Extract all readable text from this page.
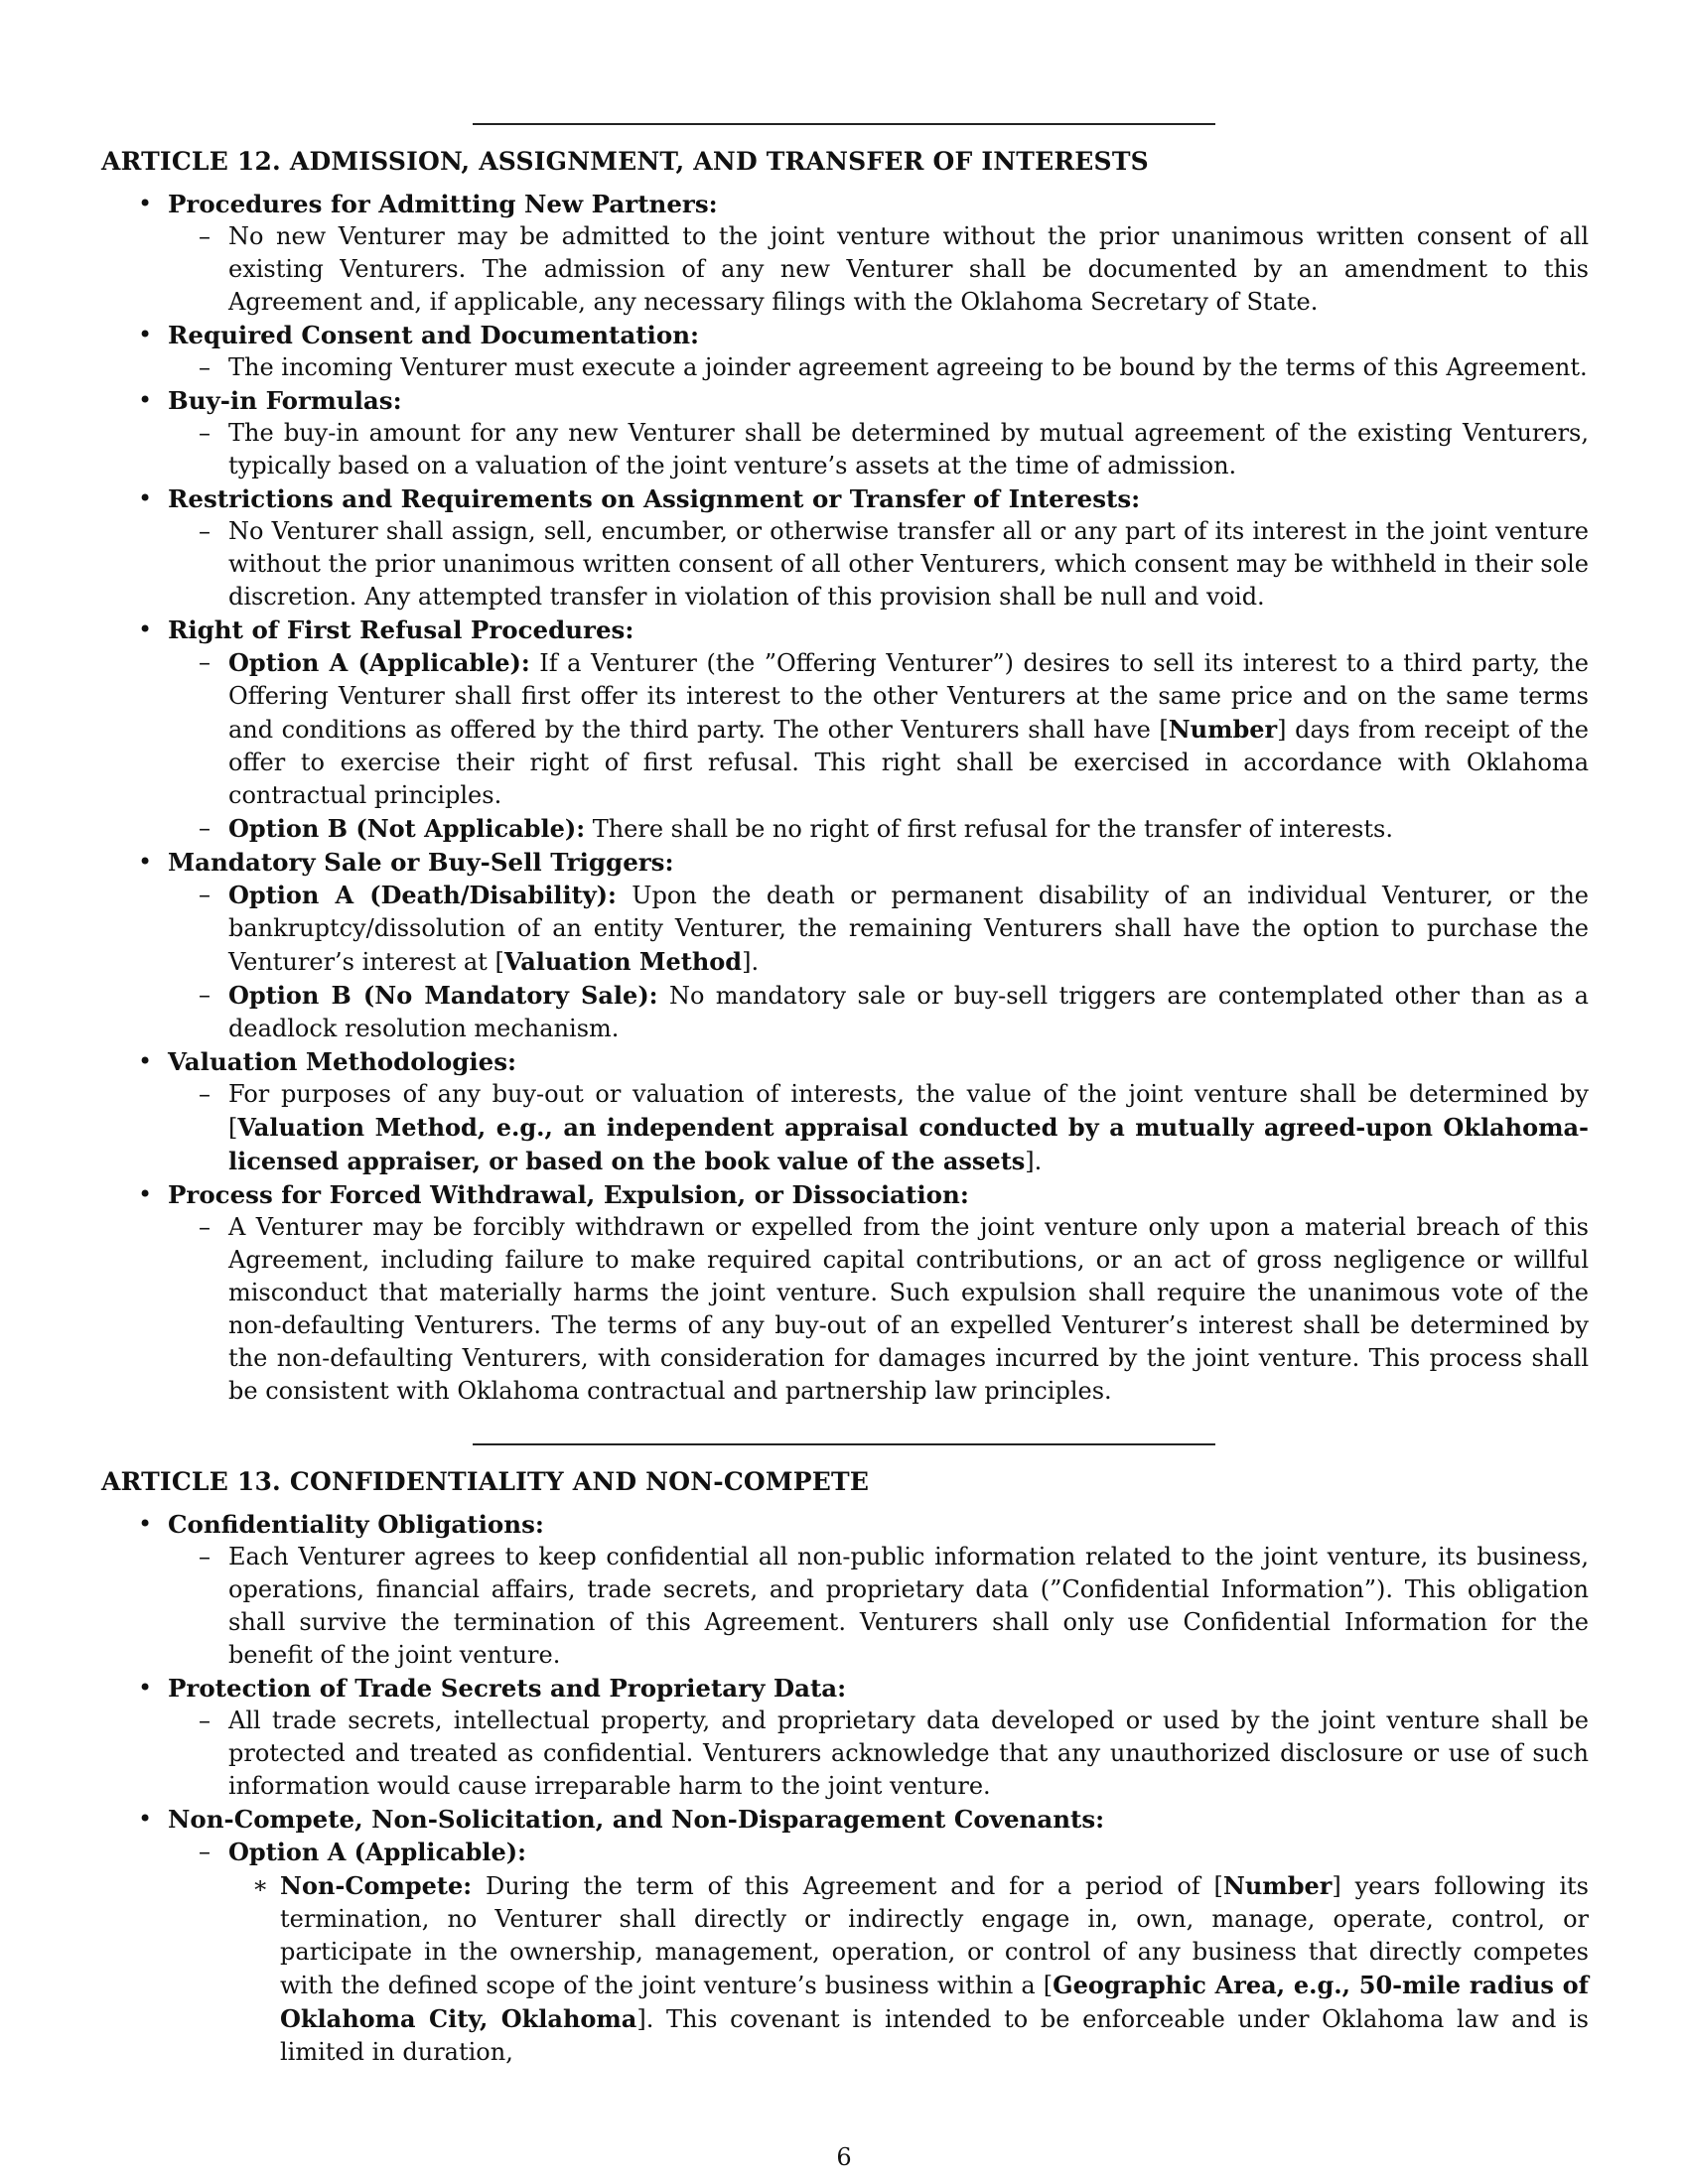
ARTICLE 12. ADMISSION, ASSIGNMENT, AND TRANSFER OF INTERESTS
• Procedures for Admitting New Partners:
– No new Venturer may be admitted to the joint venture without the prior unanimous written consent of all existing Venturers. The admission of any new Venturer shall be documented by an amendment to this Agreement and, if applicable, any necessary filings with the Oklahoma Secretary of State.
• Required Consent and Documentation:
– The incoming Venturer must execute a joinder agreement agreeing to be bound by the terms of this Agreement.
• Buy-in Formulas:
– The buy-in amount for any new Venturer shall be determined by mutual agreement of the existing Venturers, typically based on a valuation of the joint venture’s assets at the time of admission.
• Restrictions and Requirements on Assignment or Transfer of Interests:
– No Venturer shall assign, sell, encumber, or otherwise transfer all or any part of its interest in the joint venture without the prior unanimous written consent of all other Venturers, which consent may be withheld in their sole discretion. Any attempted transfer in violation of this provision shall be null and void.
• Right of First Refusal Procedures:
– Option A (Applicable): If a Venturer (the ”Offering Venturer”) desires to sell its interest to a third party, the Offering Venturer shall first offer its interest to the other Venturers at the same price and on the same terms and conditions as offered by the third party. The other Venturers shall have [Number] days from receipt of the offer to exercise their right of first refusal. This right shall be exercised in accordance with Oklahoma contractual principles.
– Option B (Not Applicable): There shall be no right of first refusal for the transfer of interests.
• Mandatory Sale or Buy-Sell Triggers:
– Option A (Death/Disability): Upon the death or permanent disability of an individual Venturer, or the bankruptcy/dissolution of an entity Venturer, the remaining Venturers shall have the option to purchase the Venturer’s interest at [Valuation Method].
– Option B (No Mandatory Sale): No mandatory sale or buy-sell triggers are contemplated other than as a deadlock resolution mechanism.
• Valuation Methodologies:
– For purposes of any buy-out or valuation of interests, the value of the joint venture shall be determined by [Valuation Method, e.g., an independent appraisal conducted by a mutually agreed-upon Oklahoma-licensed appraiser, or based on the book value of the assets].
• Process for Forced Withdrawal, Expulsion, or Dissociation:
– A Venturer may be forcibly withdrawn or expelled from the joint venture only upon a material breach of this Agreement, including failure to make required capital contributions, or an act of gross negligence or willful misconduct that materially harms the joint venture. Such expulsion shall require the unanimous vote of the non-defaulting Venturers. The terms of any buy-out of an expelled Venturer’s interest shall be determined by the non-defaulting Venturers, with consideration for damages incurred by the joint venture. This process shall be consistent with Oklahoma contractual and partnership law principles.
ARTICLE 13. CONFIDENTIALITY AND NON-COMPETE
• Confidentiality Obligations:
– Each Venturer agrees to keep confidential all non-public information related to the joint venture, its business, operations, financial affairs, trade secrets, and proprietary data (”Confidential Information”). This obligation shall survive the termination of this Agreement. Venturers shall only use Confidential Information for the benefit of the joint venture.
• Protection of Trade Secrets and Proprietary Data:
– All trade secrets, intellectual property, and proprietary data developed or used by the joint venture shall be protected and treated as confidential. Venturers acknowledge that any unauthorized disclosure or use of such information would cause irreparable harm to the joint venture.
• Non-Compete, Non-Solicitation, and Non-Disparagement Covenants:
– Option A (Applicable):
∗ Non-Compete: During the term of this Agreement and for a period of [Number] years following its termination, no Venturer shall directly or indirectly engage in, own, manage, operate, control, or participate in the ownership, management, operation, or control of any business that directly competes with the defined scope of the joint venture’s business within a [Geographic Area, e.g., 50-mile radius of Oklahoma City, Oklahoma]. This covenant is intended to be enforceable under Oklahoma law and is limited in duration,
6
